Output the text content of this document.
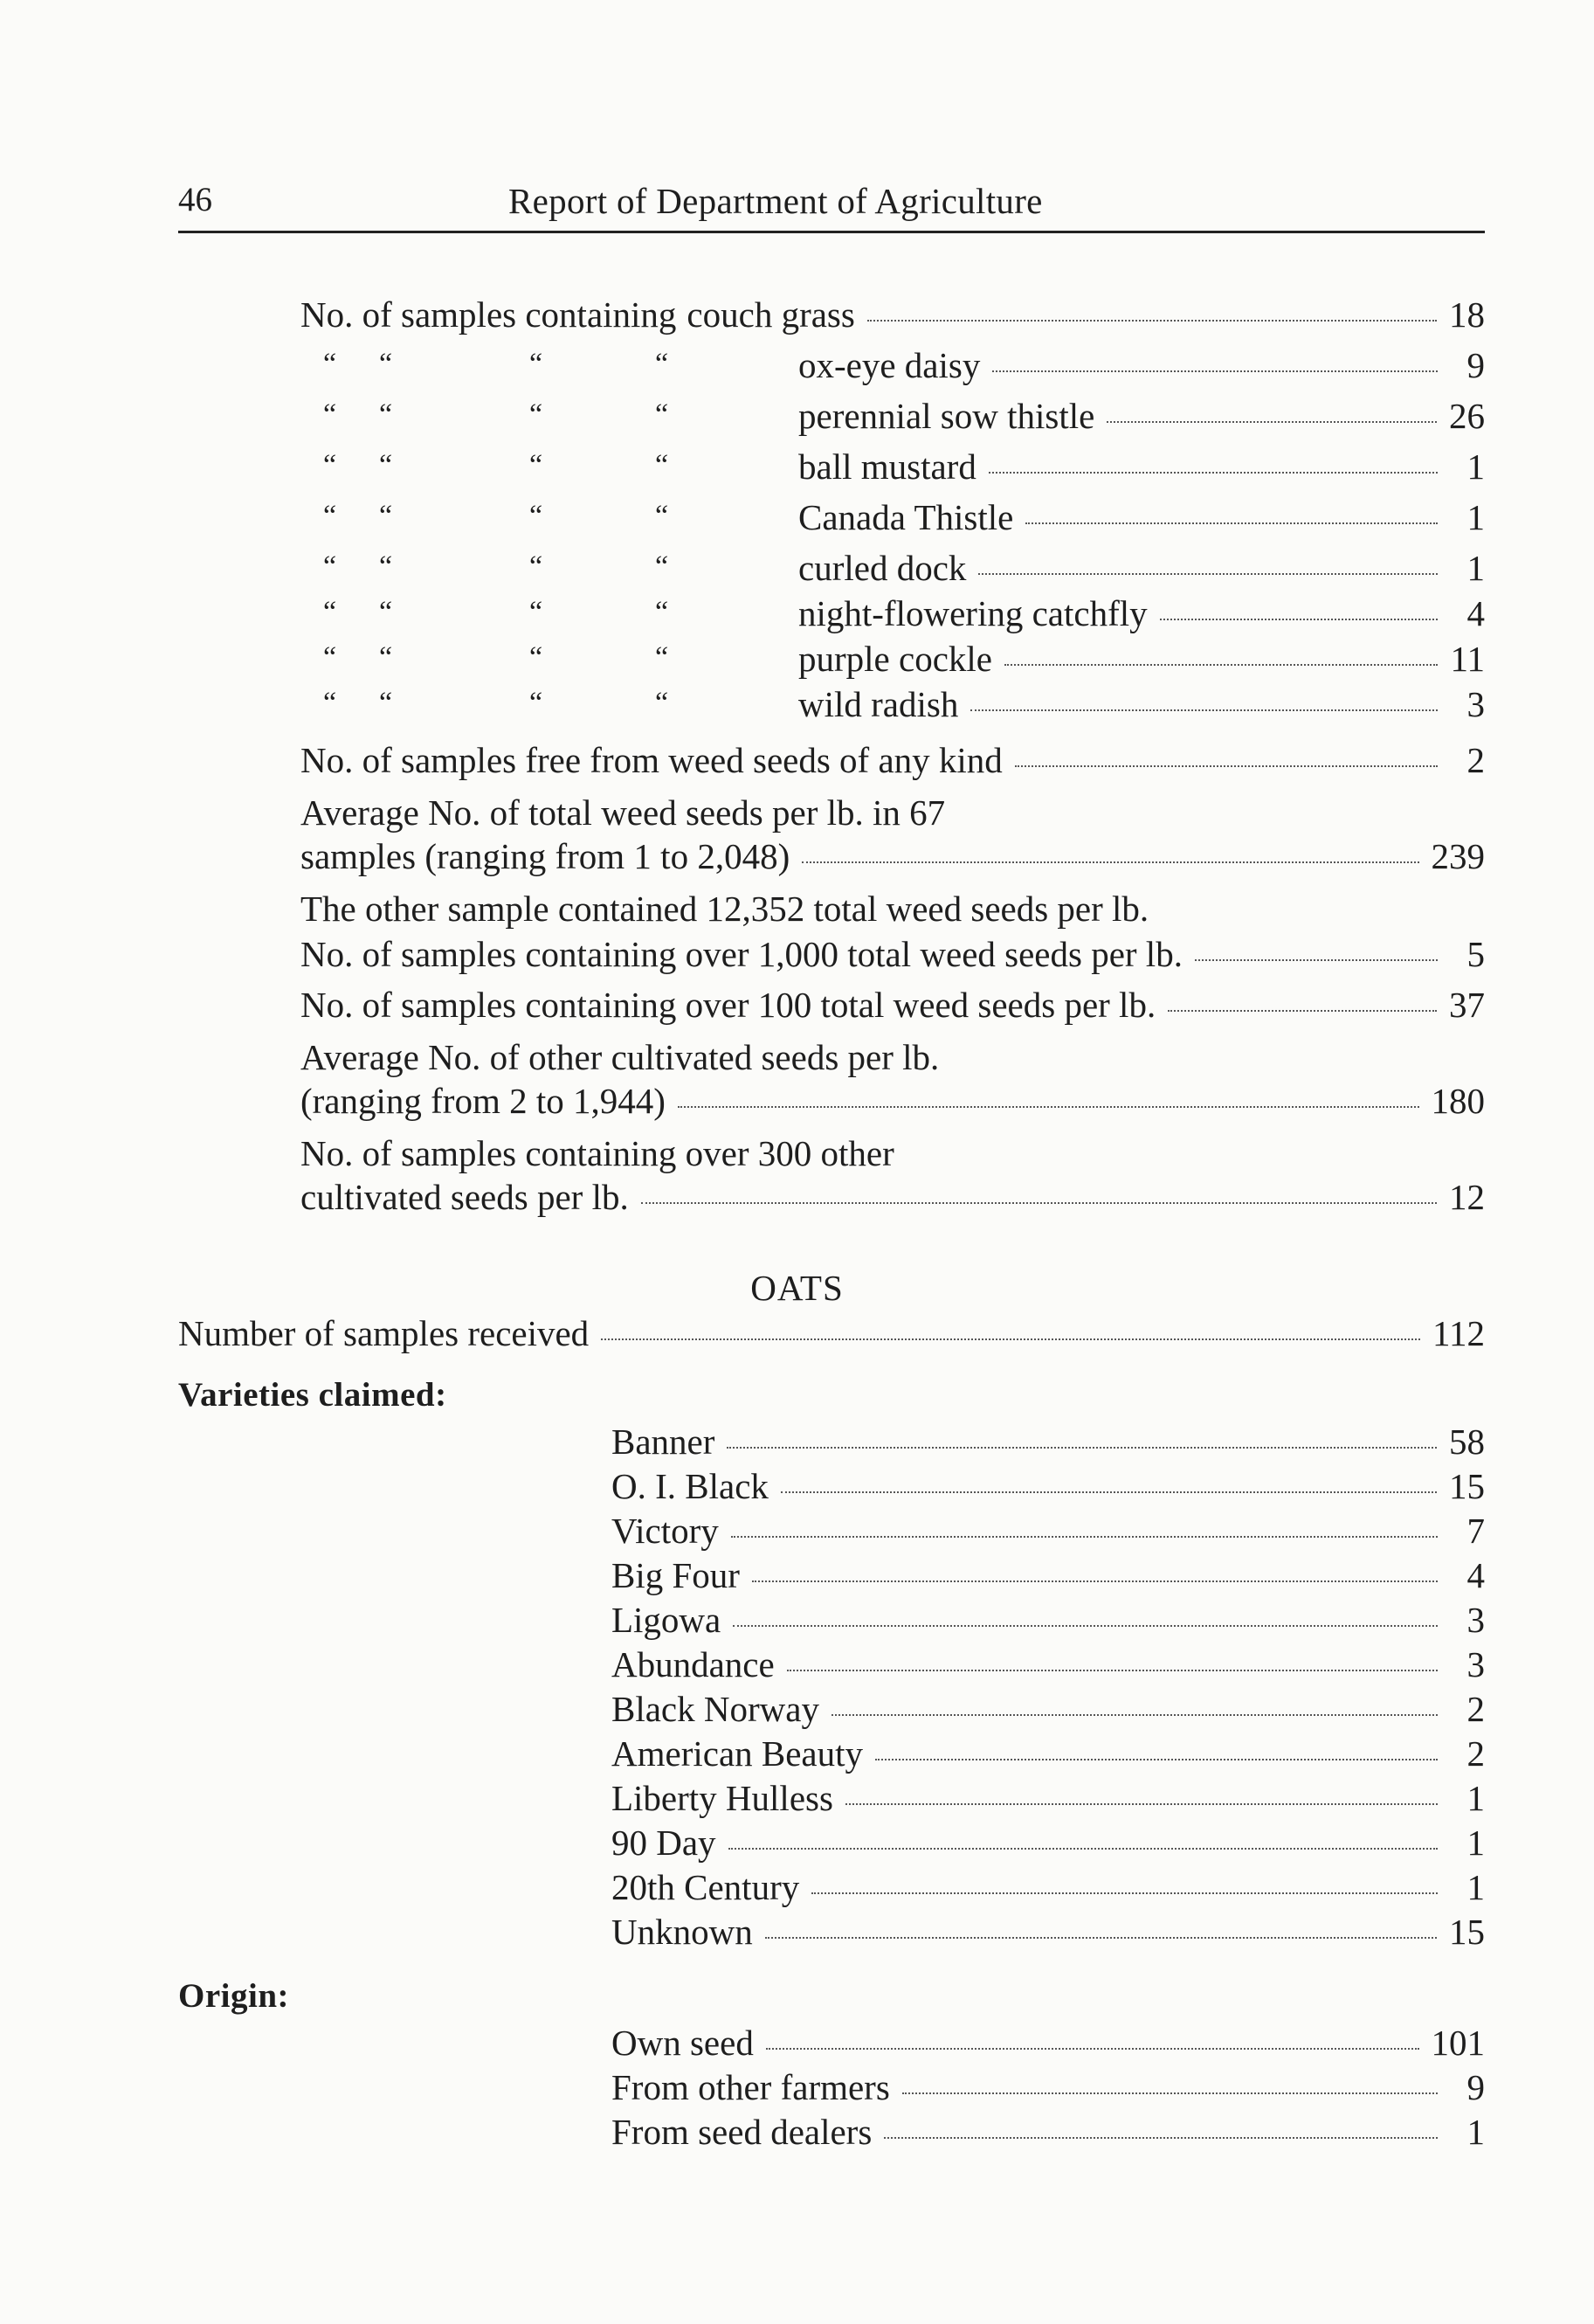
46	Report of Department of Agriculture
No. of samples containing couch grass	18
“ “	“	“	ox-eye daisy	9
“ “	“	“	perennial sow thistle	26
“ “	“	“	ball mustard	1
“ “	“	“	Canada Thistle	1
“ “	“	“	curled dock	1
“ “	“	“	night-flowering catchfly	4
“ “	“	“	purple cockle	11
“ “	“	“	wild radish	3
No. of samples free from weed seeds of any kind	2
Average No. of total weed seeds per lb. in 67
samples (ranging from 1 to 2,048)	239
The other sample contained 12,352 total weed seeds per lb.
No. of samples containing over 1,000 total weed seeds per lb.	5
No. of samples containing over 100 total weed seeds per lb.	37
Average No. of other cultivated seeds per lb.
(ranging from 2 to 1,944)	180
No. of samples containing over 300 other
cultivated seeds per lb.	12
OATS
Number of samples received	112
Varieties claimed:
Banner	58
O. I. Black	15
Victory	7
Big Four	4
Ligowa	3
Abundance	3
Black Norway	2
American Beauty	2
Liberty Hulless	1
90 Day	1
20th Century	1
Unknown	15
Origin:
Own seed	101
From other farmers	9
From seed dealers	1
